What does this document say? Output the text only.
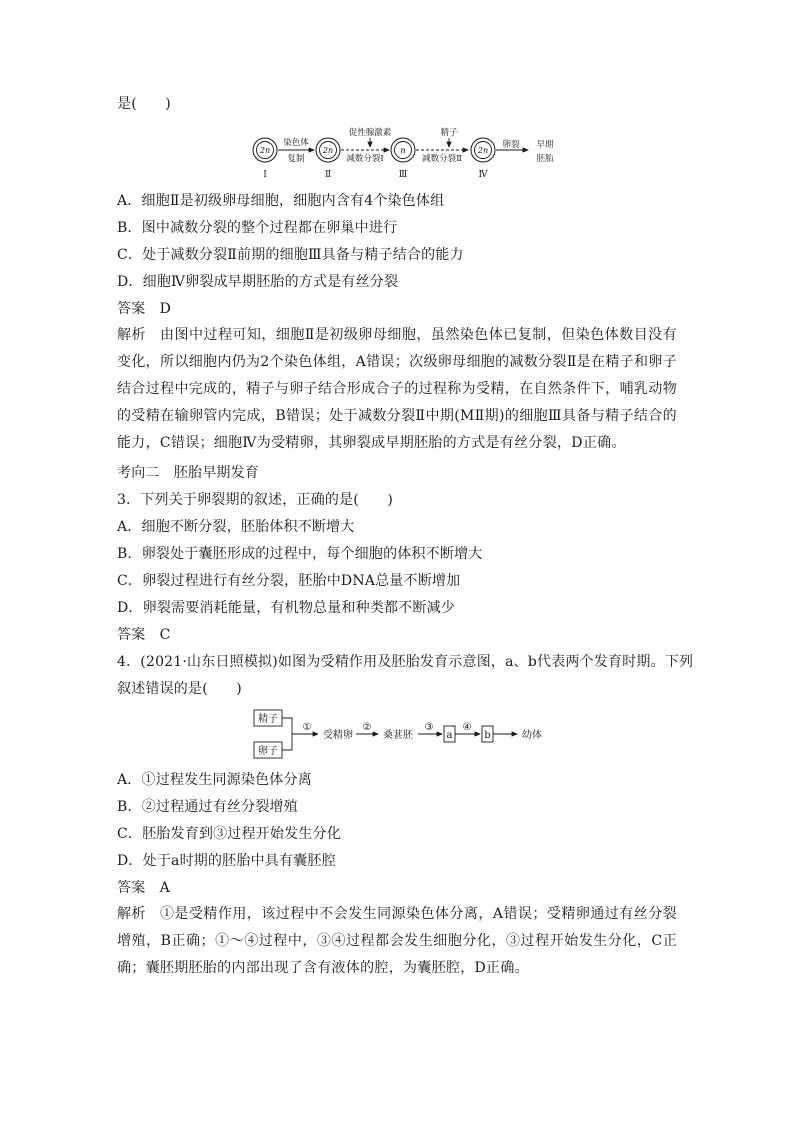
是(　　)
2n
Ⅰ
染色体
复制
2n
Ⅱ
促性腺激素
减数分裂Ⅰ
n
Ⅲ
精子
减数分裂Ⅱ
2n
Ⅳ
卵裂 早期
胚胎
A．细胞Ⅱ是初级卵母细胞，细胞内含有4个染色体组
B．图中减数分裂的整个过程都在卵巢中进行
C．处于减数分裂Ⅱ前期的细胞Ⅲ具备与精子结合的能力
D．细胞Ⅳ卵裂成早期胚胎的方式是有丝分裂
答案　D
解析 由图中过程可知，细胞Ⅱ是初级卵母细胞，虽然染色体已复制，但染色体数目没有变化，所以细胞内仍为2个染色体组，A错误；次级卵母细胞的减数分裂Ⅱ是在精子和卵子结合过程中完成的，精子与卵子结合形成合子的过程称为受精，在自然条件下，哺乳动物的受精在输卵管内完成，B错误；处于减数分裂Ⅱ中期(MⅡ期)的细胞Ⅲ具备与精子结合的能力，C错误；细胞Ⅳ为受精卵，其卵裂成早期胚胎的方式是有丝分裂，D正确。
考向二　胚胎早期发育
3．下列关于卵裂期的叙述，正确的是(　　)
A．细胞不断分裂，胚胎体积不断增大
B．卵裂处于囊胚形成的过程中，每个细胞的体积不断增大
C．卵裂过程进行有丝分裂，胚胎中DNA总量不断增加
D．卵裂需要消耗能量，有机物总量和种类都不断减少
答案　C
4．(2021·山东日照模拟)如图为受精作用及胚胎发育示意图，a、b代表两个发育时期。下列
叙述错误的是(　　)
精子
卵子
①
受精卵
②
桑葚胚
③
a
④
b	幼体
A．①过程发生同源染色体分离
B．②过程通过有丝分裂增殖
C．胚胎发育到③过程开始发生分化
D．处于a时期的胚胎中具有囊胚腔
答案　A
解析 ①是受精作用，该过程中不会发生同源染色体分离，A错误；受精卵通过有丝分裂增殖，B正确；①～④过程中，③④过程都会发生细胞分化，③过程开始发生分化，C正确；囊胚期胚胎的内部出现了含有液体的腔，为囊胚腔，D正确。
